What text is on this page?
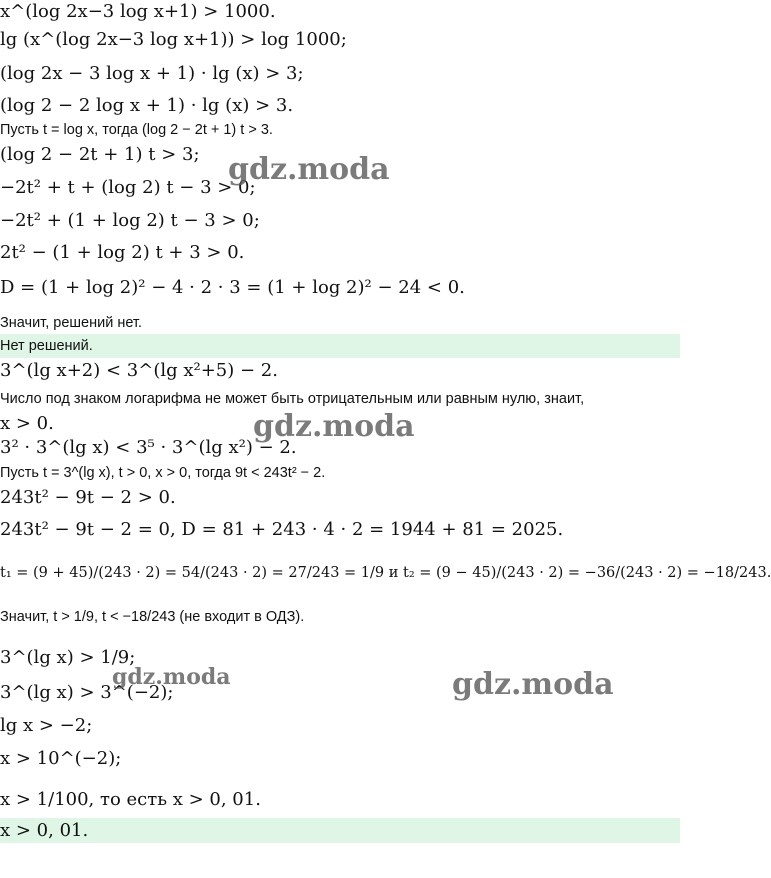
x^(log 2x−3 log x+1) > 1000.
lg (x^(log 2x−3 log x+1)) > log 1000;
(log 2x − 3 log x + 1) · lg (x) > 3;
(log 2 − 2 log x + 1) · lg (x) > 3.
Пусть t = log x, тогда (log 2 − 2t + 1) t > 3.
(log 2 − 2t + 1) t > 3;
−2t² + t + (log 2) t − 3 > 0;
−2t² + (1 + log 2) t − 3 > 0;
2t² − (1 + log 2) t + 3 > 0.
D = (1 + log 2)² − 4 · 2 · 3 = (1 + log 2)² − 24 < 0.
Значит, решений нет.
Нет решений.
3^(lg x+2) < 3^(lg x²+5) − 2.
Число под знаком логарифма не может быть отрицательным или равным нулю, знаит,
x > 0.
3² · 3^(lg x) < 3⁵ · 3^(lg x²) − 2.
Пусть t = 3^(lg x), t > 0, x > 0, тогда 9t < 243t² − 2.
243t² − 9t − 2 > 0.
243t² − 9t − 2 = 0, D = 81 + 243 · 4 · 2 = 1944 + 81 = 2025.
t₁ = (9 + 45)/(243 · 2) = 54/(243 · 2) = 27/243 = 1/9 и t₂ = (9 − 45)/(243 · 2) = −36/(243 · 2) = −18/243.
Значит, t > 1/9, t < −18/243 (не входит в ОДЗ).
3^(lg x) > 1/9;
3^(lg x) > 3^(−2);
lg x > −2;
x > 10^(−2);
x > 1/100, то есть x > 0, 01.
x > 0, 01.
gdz.moda
gdz.moda
gdz.moda	gdz.moda
